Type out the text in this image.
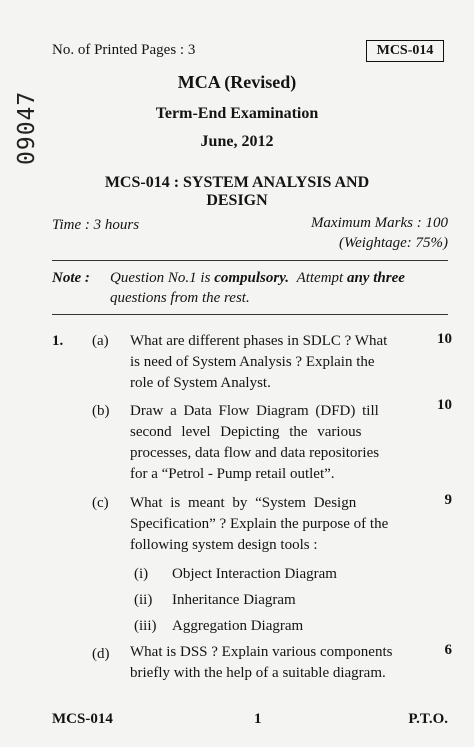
No. of Printed Pages : 3	MCS-014
09047
MCA (Revised)
Term-End Examination
June, 2012
MCS-014 : SYSTEM ANALYSIS AND
DESIGN
Time : 3 hours	Maximum Marks : 100
(Weightage: 75%)
Note : Question No.1 is compulsory. Attempt any three
questions from the rest.
1. (a) What are different phases in SDLC ? What
is need of System Analysis ? Explain the
role of System Analyst.
10
(b) Draw a Data Flow Diagram (DFD) till
second level Depicting the various
processes, data flow and data repositories
for a “Petrol - Pump retail outlet”.
10
(c) What is meant by “System Design
Specification” ? Explain the purpose of the
following system design tools :
9
(i) Object Interaction Diagram
(ii) Inheritance Diagram
(iii) Aggregation Diagram
(d) What is DSS ? Explain various components
briefly with the help of a suitable diagram.
6
MCS-014	1	P.T.O.
